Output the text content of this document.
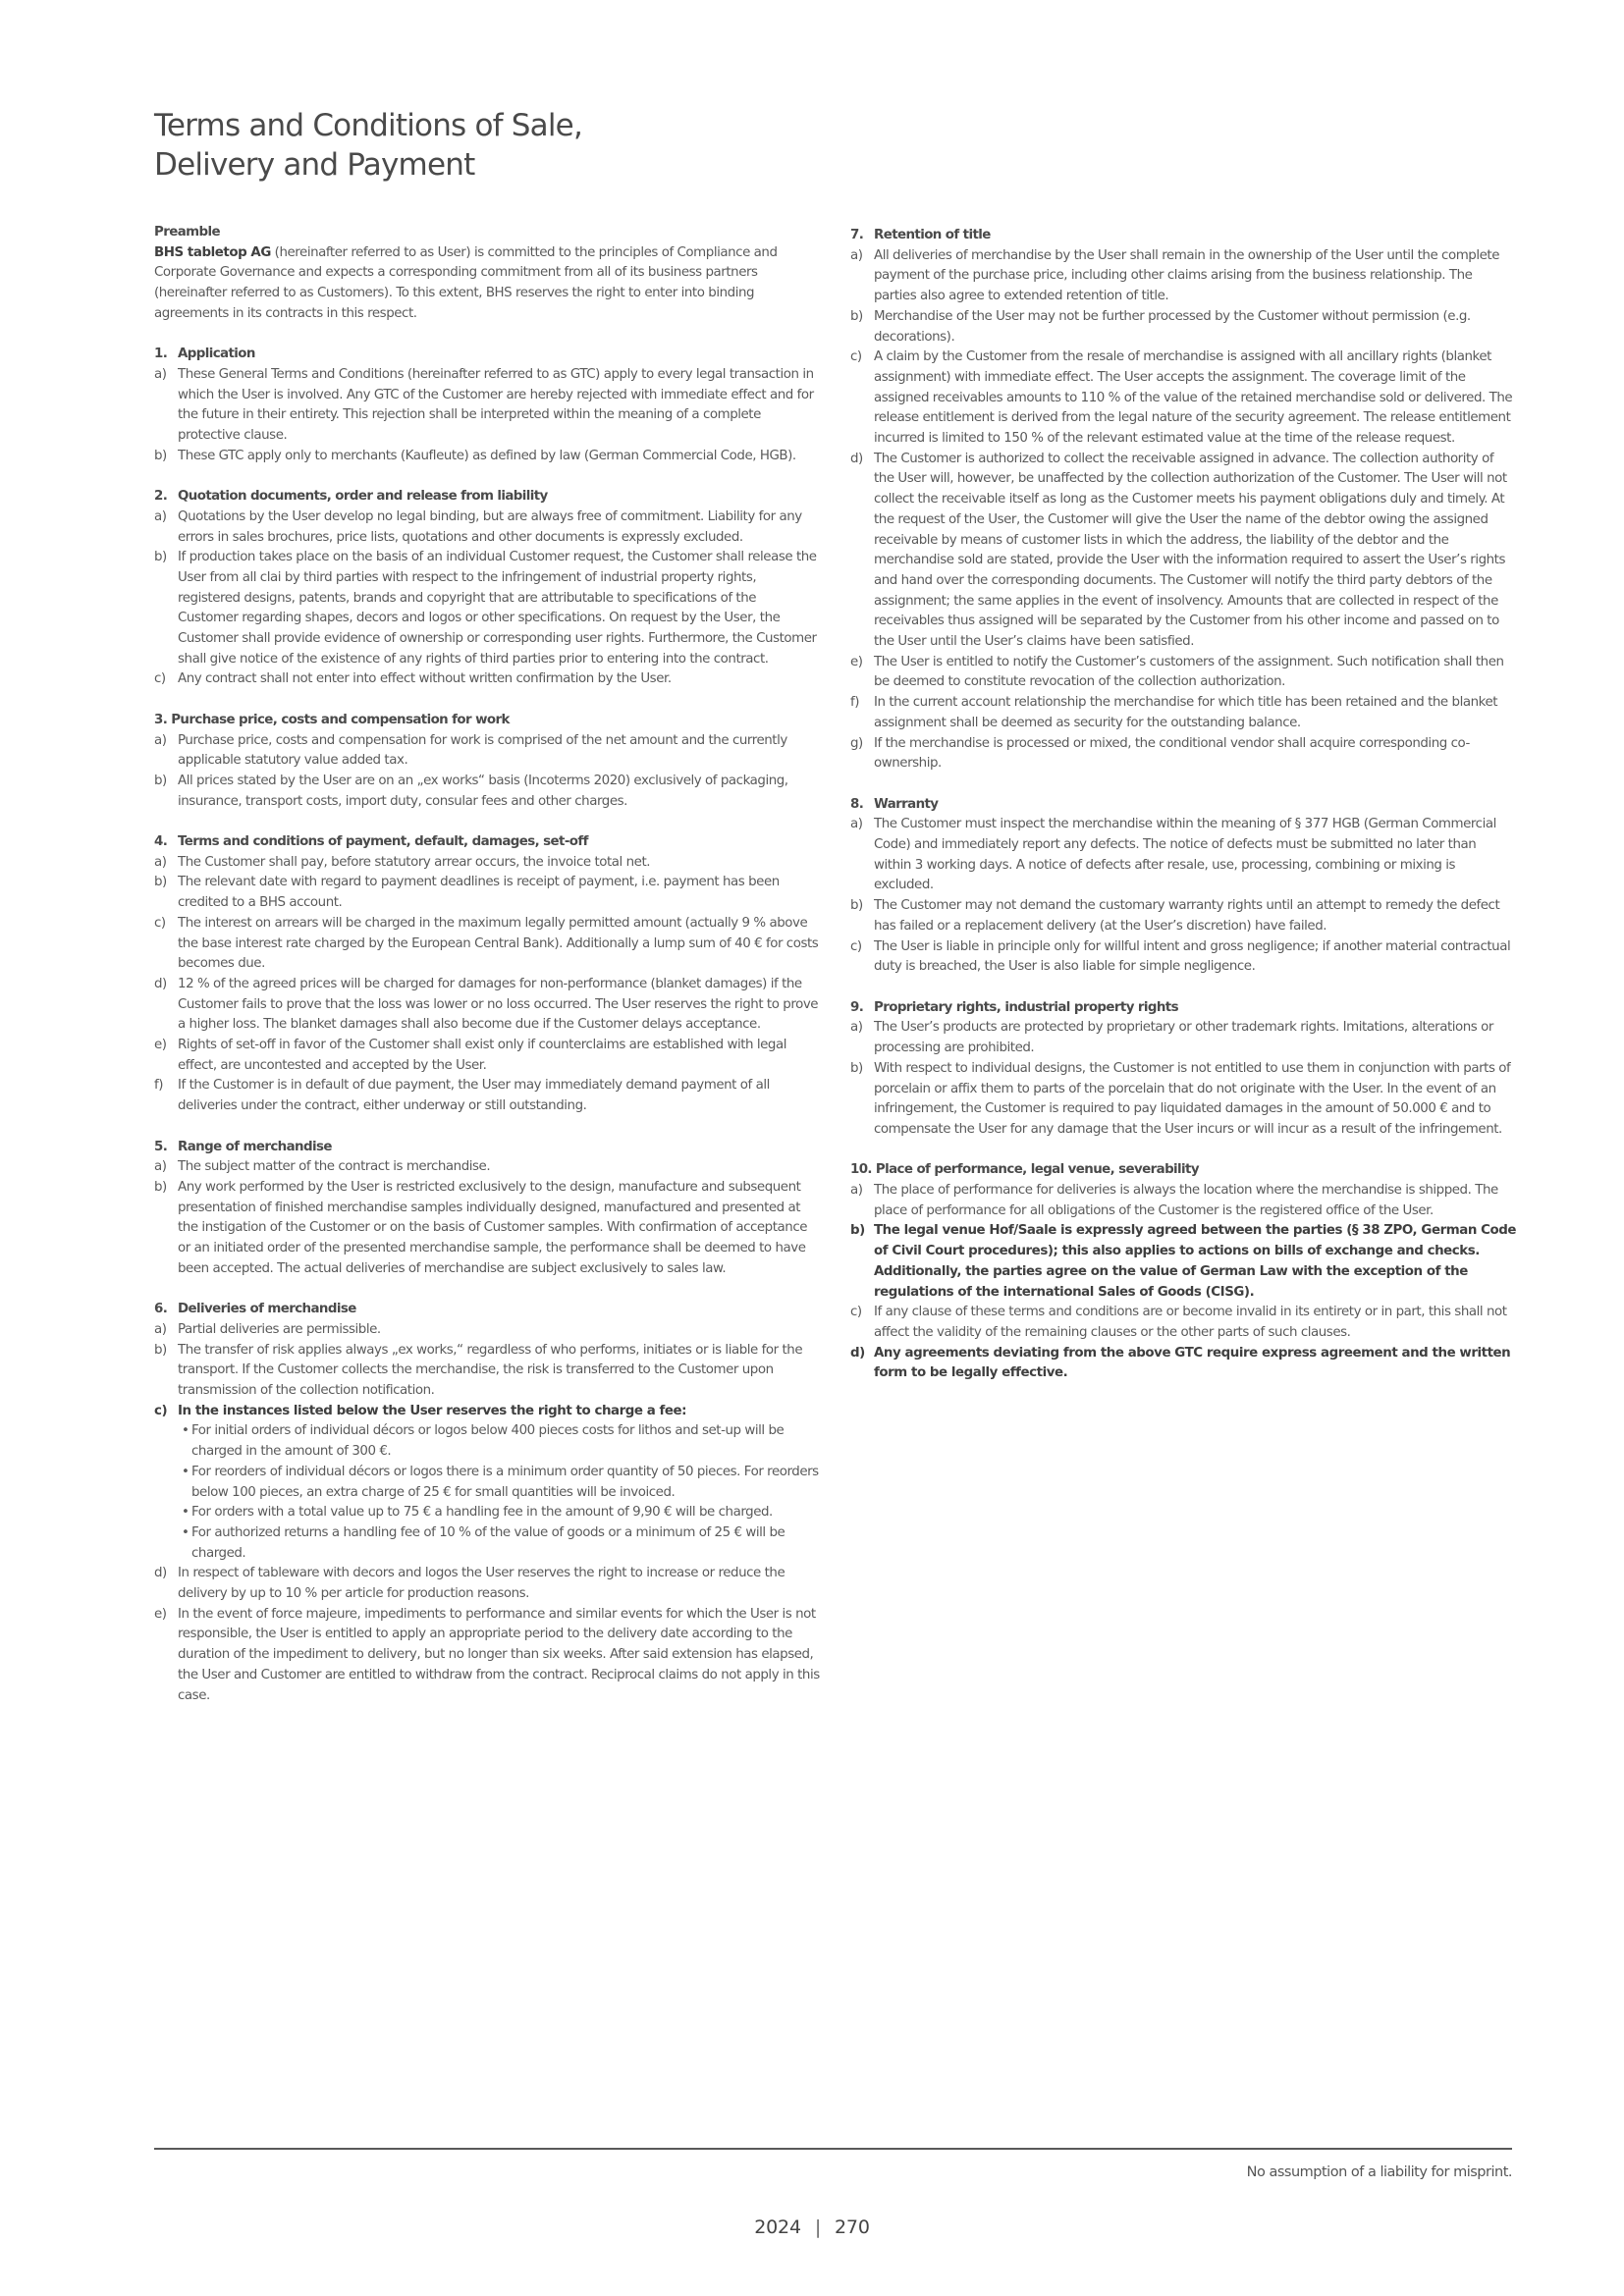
Terms and Conditions of Sale,
Delivery and Payment
Preamble
BHS tabletop AG (hereinafter referred to as User) is committed to the principles of Compliance and Corporate Governance and expects a corresponding commitment from all of its business partners (hereinafter referred to as Customers). To this extent, BHS reserves the right to enter into binding agreements in its contracts in this respect.
1. Application
a) These General Terms and Conditions (hereinafter referred to as GTC) apply to every legal transaction in which the User is involved. Any GTC of the Customer are hereby rejected with immediate effect and for the future in their entirety. This rejection shall be interpreted within the meaning of a complete protective clause.
b) These GTC apply only to merchants (Kaufleute) as defined by law (German Commercial Code, HGB).
2. Quotation documents, order and release from liability
a) Quotations by the User develop no legal binding, but are always free of commitment. Liability for any errors in sales brochures, price lists, quotations and other documents is expressly excluded.
b) If production takes place on the basis of an individual Customer request, the Customer shall release the User from all clai by third parties with respect to the infringement of industrial property rights, registered designs, patents, brands and copyright that are attributable to specifications of the Customer regarding shapes, decors and logos or other specifications. On request by the User, the Customer shall provide evidence of ownership or corresponding user rights. Furthermore, the Customer shall give notice of the existence of any rights of third parties prior to entering into the contract.
c) Any contract shall not enter into effect without written confirmation by the User.
3. Purchase price, costs and compensation for work
a) Purchase price, costs and compensation for work is comprised of the net amount and the currently applicable statutory value added tax.
b) All prices stated by the User are on an „ex works“ basis (Incoterms 2020) exclusively of packaging, insurance, transport costs, import duty, consular fees and other charges.
4. Terms and conditions of payment, default, damages, set-off
a) The Customer shall pay, before statutory arrear occurs, the invoice total net.
b) The relevant date with regard to payment deadlines is receipt of payment, i.e. payment has been credited to a BHS account.
c) The interest on arrears will be charged in the maximum legally permitted amount (actually 9 % above the base interest rate charged by the European Central Bank). Additionally a lump sum of 40 € for costs becomes due.
d) 12 % of the agreed prices will be charged for damages for non-performance (blanket damages) if the Customer fails to prove that the loss was lower or no loss occurred. The User reserves the right to prove a higher loss. The blanket damages shall also become due if the Customer delays acceptance.
e) Rights of set-off in favor of the Customer shall exist only if counterclaims are established with legal effect, are uncontested and accepted by the User.
f)	If the Customer is in default of due payment, the User may immediately demand payment of all deliveries under the contract, either underway or still outstanding.
5. Range of merchandise
a) The subject matter of the contract is merchandise.
b) Any work performed by the User is restricted exclusively to the design, manufacture and subsequent presentation of finished merchandise samples individually designed, manufactured and presented at the instigation of the Customer or on the basis of Customer samples. With confirmation of acceptance or an initiated order of the presented merchandise sample, the performance shall be deemed to have been accepted. The actual deliveries of merchandise are subject exclusively to sales law.
6. Deliveries of merchandise
a) Partial deliveries are permissible.
b) The transfer of risk applies always „ex works,“ regardless of who performs, initiates or is liable for the transport. If the Customer collects the merchandise, the risk is transferred to the Customer upon transmission of the collection notification.
c) In the instances listed below the User reserves the right to charge a fee:
• For initial orders of individual décors or logos below 400 pieces costs for lithos and set-up will be charged in the amount of 300 €.
• For reorders of individual décors or logos there is a minimum order quantity of 50 pieces. For reorders below 100 pieces, an extra charge of 25 € for small quantities will be invoiced.
• For orders with a total value up to 75 € a handling fee in the amount of 9,90 € will be charged.
• For authorized returns a handling fee of 10 % of the value of goods or a minimum of 25 € will be charged.
d) In respect of tableware with decors and logos the User reserves the right to increase or reduce the delivery by up to 10 % per article for production reasons.
e) In the event of force majeure, impediments to performance and similar events for which the User is not responsible, the User is entitled to apply an appropriate period to the delivery date according to the duration of the impediment to delivery, but no longer than six weeks. After said extension has elapsed, the User and Customer are entitled to withdraw from the contract. Reciprocal claims do not apply in this case.
7. Retention of title
a) All deliveries of merchandise by the User shall remain in the ownership of the User until the complete payment of the purchase price, including other claims arising from the business relationship. The parties also agree to extended retention of title.
b) Merchandise of the User may not be further processed by the Customer without permission (e.g. decorations).
c) A claim by the Customer from the resale of merchandise is assigned with all ancillary rights (blanket assignment) with immediate effect. The User accepts the assignment. The coverage limit of the assigned receivables amounts to 110 % of the value of the retained merchandise sold or delivered. The release entitlement is derived from the legal nature of the security agreement. The release entitlement incurred is limited to 150 % of the relevant estimated value at the time of the release request.
d) The Customer is authorized to collect the receivable assigned in advance. The collection authority of the User will, however, be unaffected by the collection authorization of the Customer. The User will not collect the receivable itself as long as the Customer meets his payment obligations duly and timely. At the request of the User, the Customer will give the User the name of the debtor owing the assigned receivable by means of customer lists in which the address, the liability of the debtor and the merchandise sold are stated, provide the User with the information required to assert the User’s rights and hand over the corresponding documents. The Customer will notify the third party debtors of the assignment; the same applies in the event of insolvency. Amounts that are collected in respect of the receivables thus assigned will be separated by the Customer from his other income and passed on to the User until the User’s claims have been satisfied.
e) The User is entitled to notify the Customer’s customers of the assignment. Such notification shall then be deemed to constitute revocation of the collection authorization.
f)	In the current account relationship the merchandise for which title has been retained and the blanket assignment shall be deemed as security for the outstanding balance.
g) If the merchandise is processed or mixed, the conditional vendor shall acquire corresponding co-ownership.
8. Warranty
a) The Customer must inspect the merchandise within the meaning of § 377 HGB (German Commercial Code) and immediately report any defects. The notice of defects must be submitted no later than within 3 working days. A notice of defects after resale, use, processing, combining or mixing is excluded.
b) The Customer may not demand the customary warranty rights until an attempt to remedy the defect has failed or a replacement delivery (at the User’s discretion) have failed.
c) The User is liable in principle only for willful intent and gross negligence; if another material contractual duty is breached, the User is also liable for simple negligence.
9. Proprietary rights, industrial property rights
a) The User’s products are protected by proprietary or other trademark rights. Imitations, alterations or processing are prohibited.
b) With respect to individual designs, the Customer is not entitled to use them in conjunction with parts of porcelain or affix them to parts of the porcelain that do not originate with the User. In the event of an infringement, the Customer is required to pay liquidated damages in the amount of 50.000 € and to compensate the User for any damage that the User incurs or will incur as a result of the infringement.
10. Place of performance, legal venue, severability
a) The place of performance for deliveries is always the location where the merchandise is shipped. The place of performance for all obligations of the Customer is the registered office of the User.
b) The legal venue Hof/Saale is expressly agreed between the parties (§ 38 ZPO, German Code of Civil Court procedures); this also applies to actions on bills of exchange and checks. Additionally, the parties agree on the value of German Law with the exception of the regulations of the international Sales of Goods (CISG).
c) If any clause of these terms and conditions are or become invalid in its entirety or in part, this shall not affect the validity of the remaining clauses or the other parts of such clauses.
d) Any agreements deviating from the above GTC require express agreement and the written form to be legally effective.
No assumption of a liability for misprint.
2024 | 270
